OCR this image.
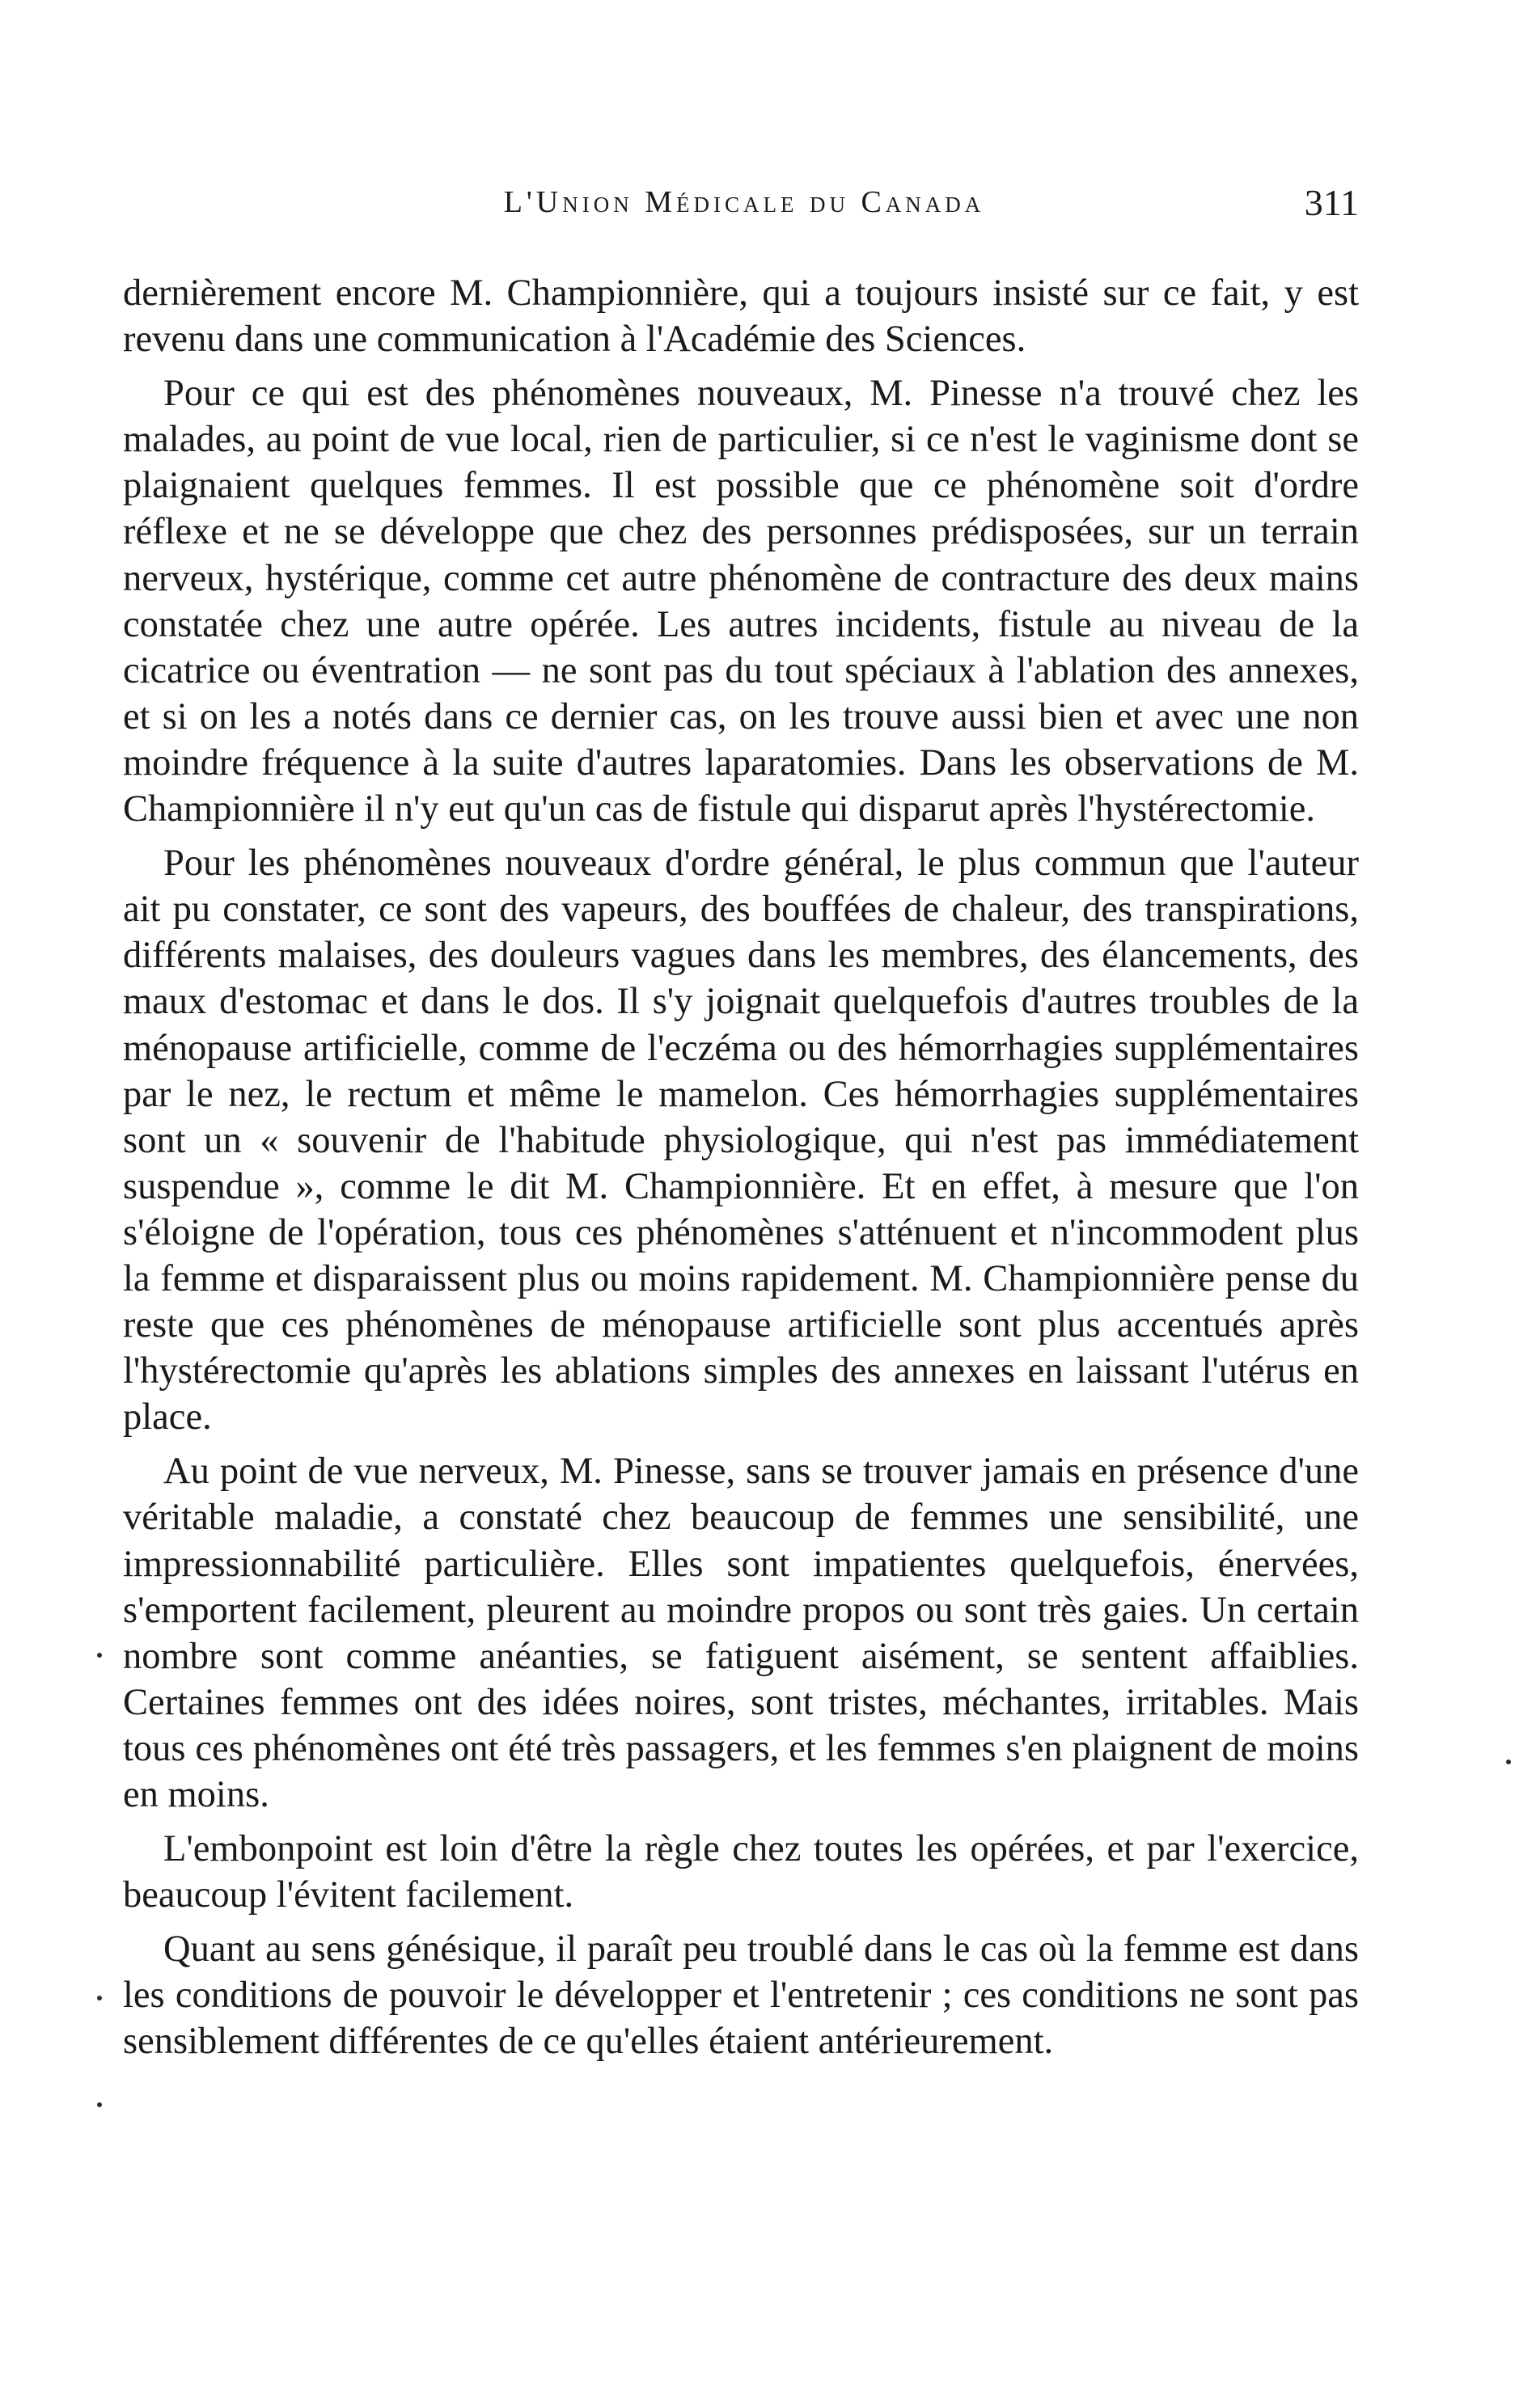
L'Union Médicale du Canada	311

dernièrement encore M. Championnière, qui a toujours insisté sur ce fait, y est revenu dans une communication à l'Académie des Sciences.

Pour ce qui est des phénomènes nouveaux, M. Pinesse n'a trouvé chez les malades, au point de vue local, rien de particulier, si ce n'est le vaginisme dont se plaignaient quelques femmes. Il est possible que ce phénomène soit d'ordre réflexe et ne se développe que chez des personnes prédisposées, sur un terrain nerveux, hystérique, comme cet autre phénomène de contracture des deux mains constatée chez une autre opérée. Les autres incidents, fistule au niveau de la cicatrice ou éventration — ne sont pas du tout spéciaux à l'ablation des annexes, et si on les a notés dans ce dernier cas, on les trouve aussi bien et avec une non moindre fréquence à la suite d'autres laparatomies. Dans les observations de M. Championnière il n'y eut qu'un cas de fistule qui disparut après l'hystérectomie.

Pour les phénomènes nouveaux d'ordre général, le plus commun que l'auteur ait pu constater, ce sont des vapeurs, des bouffées de chaleur, des transpirations, différents malaises, des douleurs vagues dans les membres, des élancements, des maux d'estomac et dans le dos. Il s'y joignait quelquefois d'autres troubles de la ménopause artificielle, comme de l'eczéma ou des hémorrhagies supplémentaires par le nez, le rectum et même le mamelon. Ces hémorrhagies supplémentaires sont un « souvenir de l'habitude physiologique, qui n'est pas immédiatement suspendue », comme le dit M. Championnière. Et en effet, à mesure que l'on s'éloigne de l'opération, tous ces phénomènes s'atténuent et n'incommodent plus la femme et disparaissent plus ou moins rapidement. M. Championnière pense du reste que ces phénomènes de ménopause artificielle sont plus accentués après l'hystérectomie qu'après les ablations simples des annexes en laissant l'utérus en place.

Au point de vue nerveux, M. Pinesse, sans se trouver jamais en présence d'une véritable maladie, a constaté chez beaucoup de femmes une sensibilité, une impressionnabilité particulière. Elles sont impatientes quelquefois, énervées, s'emportent facilement, pleurent au moindre propos ou sont très gaies. Un certain nombre sont comme anéanties, se fatiguent aisément, se sentent affaiblies. Certaines femmes ont des idées noires, sont tristes, méchantes, irritables. Mais tous ces phénomènes ont été très passagers, et les femmes s'en plaignent de moins en moins.

L'embonpoint est loin d'être la règle chez toutes les opérées, et par l'exercice, beaucoup l'évitent facilement.

Quant au sens génésique, il paraît peu troublé dans le cas où la femme est dans les conditions de pouvoir le développer et l'entretenir ; ces conditions ne sont pas sensiblement différentes de ce qu'elles étaient antérieurement.
